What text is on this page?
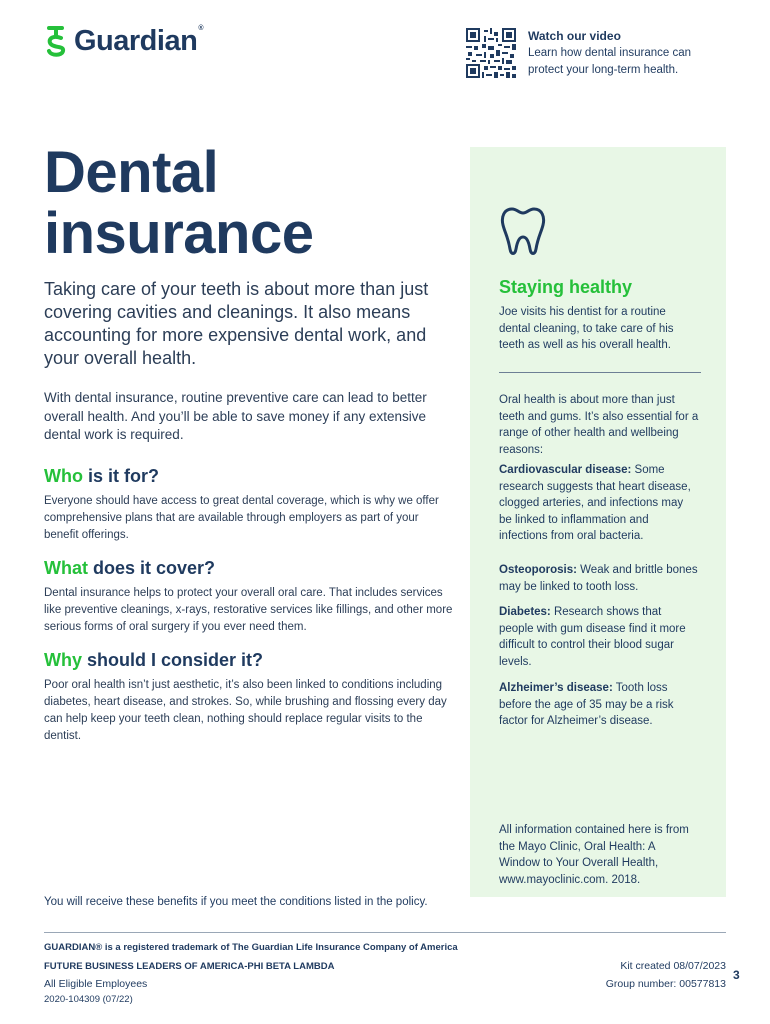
Guardian®
Watch our video
Learn how dental insurance can
protect your long-term health.
Dental
insurance
Taking care of your teeth is about more than just covering cavities and cleanings. It also means accounting for more expensive dental work, and your overall health.
With dental insurance, routine preventive care can lead to better overall health. And you’ll be able to save money if any extensive dental work is required.
Who is it for?
Everyone should have access to great dental coverage, which is why we offer comprehensive plans that are available through employers as part of your benefit offerings.
What does it cover?
Dental insurance helps to protect your overall oral care. That includes services like preventive cleanings, x-rays, restorative services like fillings, and other more serious forms of oral surgery if you ever need them.
Why should I consider it?
Poor oral health isn’t just aesthetic, it’s also been linked to conditions including diabetes, heart disease, and strokes. So, while brushing and flossing every day can help keep your teeth clean, nothing should replace regular visits to the dentist.
Staying healthy
Joe visits his dentist for a routine dental cleaning, to take care of his teeth as well as his overall health.
Oral health is about more than just teeth and gums. It’s also essential for a range of other health and wellbeing reasons:
Cardiovascular disease: Some research suggests that heart disease, clogged arteries, and infections may be linked to inflammation and infections from oral bacteria.
Osteoporosis: Weak and brittle bones may be linked to tooth loss.
Diabetes: Research shows that people with gum disease find it more difficult to control their blood sugar levels.
Alzheimer’s disease: Tooth loss before the age of 35 may be a risk factor for Alzheimer’s disease.
All information contained here is from the Mayo Clinic, Oral Health: A Window to Your Overall Health, www.mayoclinic.com. 2018.
You will receive these benefits if you meet the conditions listed in the policy.
GUARDIAN® is a registered trademark of The Guardian Life Insurance Company of America
FUTURE BUSINESS LEADERS OF AMERICA-PHI BETA LAMBDA
All Eligible Employees
2020-104309 (07/22)
Kit created 08/07/2023
Group number: 00577813
3
